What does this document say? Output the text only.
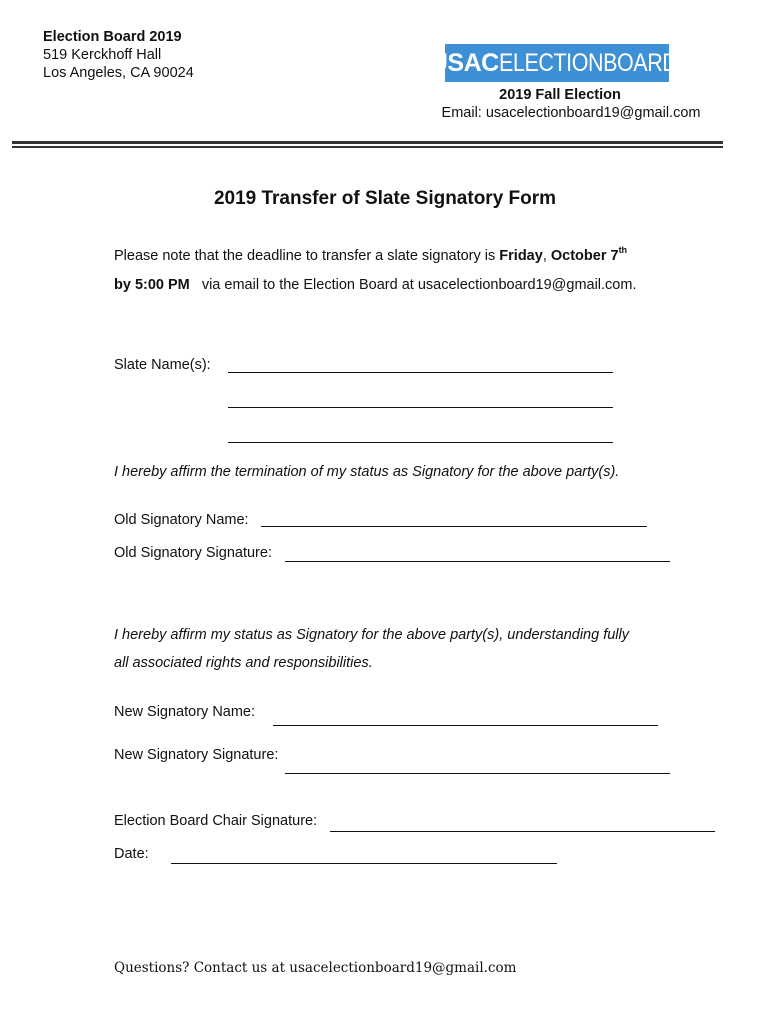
Election Board 2019
519 Kerckhoff Hall
Los Angeles, CA 90024	USAC ELECTIONBOARD
2019 Fall Election
Email: usacelectionboard19@gmail.com
2019 Transfer of Slate Signatory Form
Please note that the deadline to transfer a slate signatory is Friday, October 7th
by 5:00 PM   via email to the Election Board at usacelectionboard19@gmail.com.
Slate Name(s):
I hereby affirm the termination of my status as Signatory for the above party(s).
Old Signatory Name:
Old Signatory Signature:
I hereby affirm my status as Signatory for the above party(s), understanding fully
all associated rights and responsibilities.
New Signatory Name:
New Signatory Signature:
Election Board Chair Signature:
Date:
Questions? Contact us at usacelectionboard19@gmail.com
